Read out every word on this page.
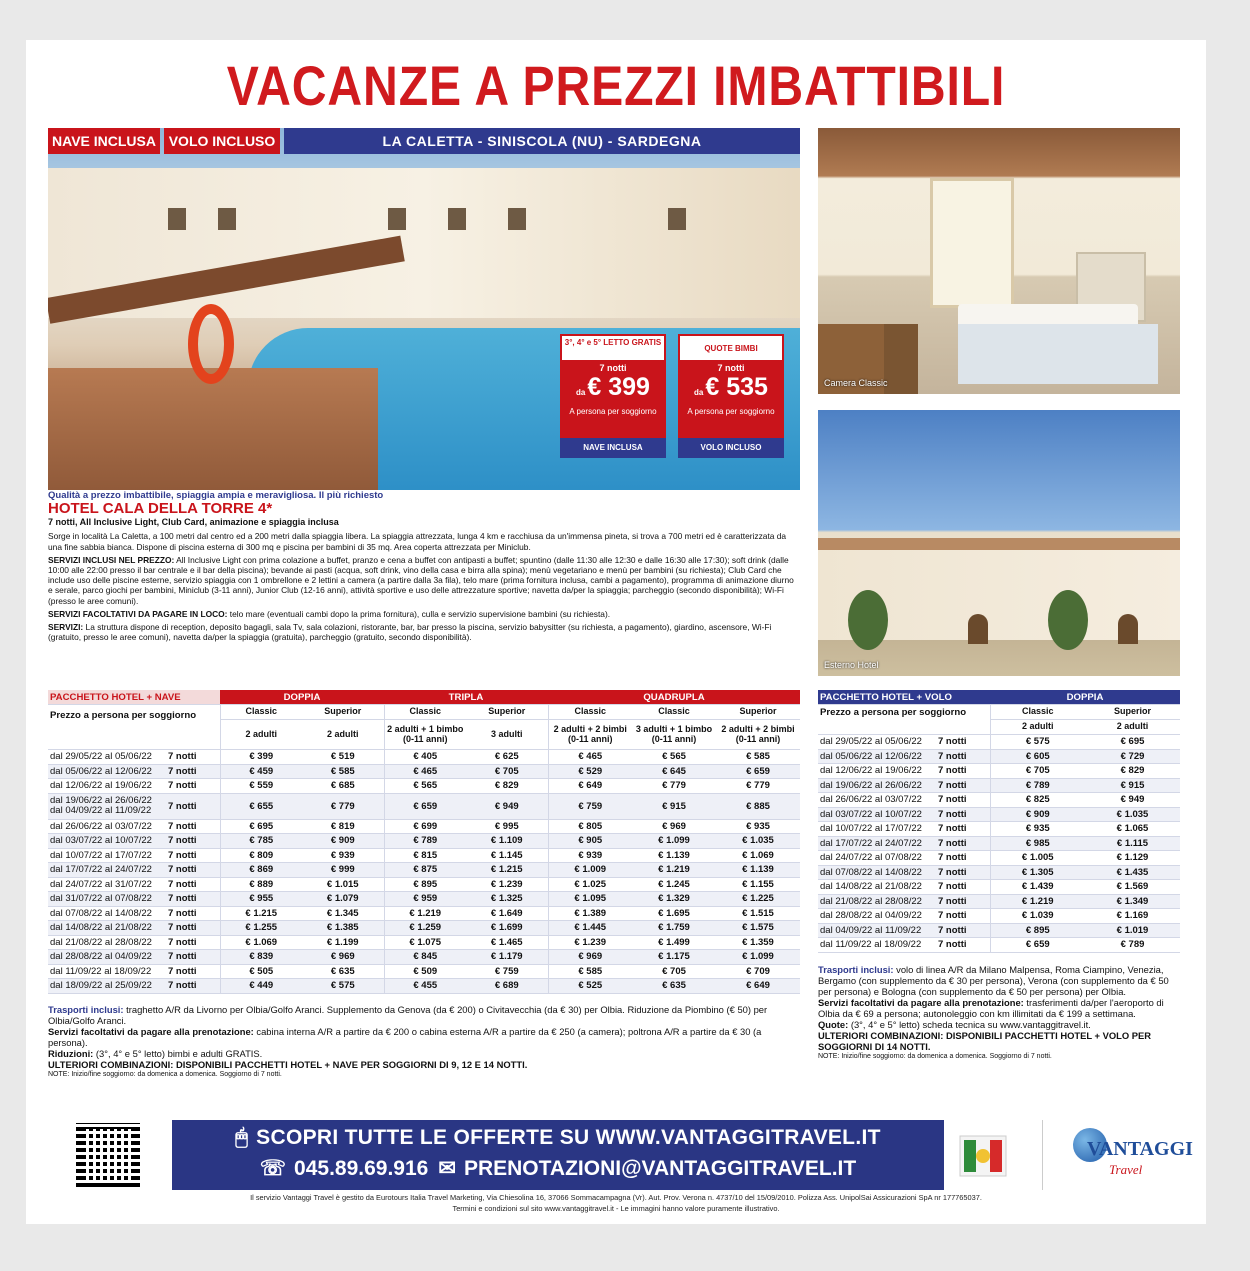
VACANZE A PREZZI IMBATTIBILI
NAVE INCLUSA VOLO INCLUSO	LA CALETTA - SINISCOLA (NU) - SARDEGNA
3°, 4° e 5° LETTO GRATIS
7 notti
da€ 399
A persona per soggiorno
NAVE INCLUSA
QUOTE BIMBI
7 notti
da€ 535
A persona per soggiorno
VOLO INCLUSO
Qualità a prezzo imbattibile, spiaggia ampia e meravigliosa. Il più richiesto
HOTEL CALA DELLA TORRE 4*
7 notti, All Inclusive Light, Club Card, animazione e spiaggia inclusa

Sorge in località La Caletta, a 100 metri dal centro ed a 200 metri dalla spiaggia libera. La spiaggia attrezzata, lunga 4 km e racchiusa da un'immensa pineta, si trova a 700 metri ed è caratterizzata da una fine sabbia bianca. Dispone di piscina esterna di 300 mq e piscina per bambini di 35 mq. Area coperta attrezzata per Miniclub.

SERVIZI INCLUSI NEL PREZZO: All Inclusive Light con prima colazione a buffet, pranzo e cena a buffet con antipasti a buffet; spuntino (dalle 11:30 alle 12:30 e dalle 16:30 alle 17:30); soft drink (dalle 10:00 alle 22:00 presso il bar centrale e il bar della piscina); bevande ai pasti (acqua, soft drink, vino della casa e birra alla spina); menù vegetariano e menù per bambini (su richiesta); Club Card che include uso delle piscine esterne, servizio spiaggia con 1 ombrellone e 2 lettini a camera (a partire dalla 3a fila), telo mare (prima fornitura inclusa, cambi a pagamento), programma di animazione diurno e serale, parco giochi per bambini, Miniclub (3-11 anni), Junior Club (12-16 anni), attività sportive e uso delle attrezzature sportive; navetta da/per la spiaggia; parcheggio (secondo disponibilità); Wi-Fi (presso le aree comuni).

SERVIZI FACOLTATIVI DA PAGARE IN LOCO: telo mare (eventuali cambi dopo la prima fornitura), culla e servizio supervisione bambini (su richiesta).

SERVIZI: La struttura dispone di reception, deposito bagagli, sala Tv, sala colazioni, ristorante, bar, bar presso la piscina, servizio babysitter (su richiesta, a pagamento), giardino, ascensore, Wi-Fi (gratuito, presso le aree comuni), navetta da/per la spiaggia (gratuita), parcheggio (gratuito, secondo disponibilità).

Camera Classic
Esterno Hotel
PACCHETTO HOTEL + NAVE		DOPPIA		TRIPLA		QUADRUPLA		
Prezzo a persona per soggiorno		Classic	Superior	Classic	Superior	Classic	Classic	Superior
		2 adulti	2 adulti	2 adulti + 1 bimbo (0-11 anni)	3 adulti	2 adulti + 2 bimbi (0-11 anni)	3 adulti + 1 bimbo (0-11 anni)	2 adulti + 2 bimbi (0-11 anni)
dal 29/05/22 al 05/06/22	7 notti	€ 399	€ 519	€ 405	€ 625	€ 465	€ 565	€ 585
dal 05/06/22 al 12/06/22	7 notti	€ 459	€ 585	€ 465	€ 705	€ 529	€ 645	€ 659
dal 12/06/22 al 19/06/22	7 notti	€ 559	€ 685	€ 565	€ 829	€ 649	€ 779	€ 779

dal 19/06/22 al 26/06/22
dal 04/09/22 al 11/09/22	7 notti	€ 655	€ 779	€ 659	€ 949	€ 759	€ 915	€ 885
dal 26/06/22 al 03/07/22	7 notti	€ 695	€ 819	€ 699	€ 995	€ 805	€ 969	€ 935
dal 03/07/22 al 10/07/22	7 notti	€ 785	€ 909	€ 789	€ 1.109	€ 905	€ 1.099	€ 1.035
dal 10/07/22 al 17/07/22	7 notti	€ 809	€ 939	€ 815	€ 1.145	€ 939	€ 1.139	€ 1.069
dal 17/07/22 al 24/07/22	7 notti	€ 869	€ 999	€ 875	€ 1.215	€ 1.009	€ 1.219	€ 1.139
dal 24/07/22 al 31/07/22	7 notti	€ 889	€ 1.015	€ 895	€ 1.239	€ 1.025	€ 1.245	€ 1.155
dal 31/07/22 al 07/08/22	7 notti	€ 955	€ 1.079	€ 959	€ 1.325	€ 1.095	€ 1.329	€ 1.225
dal 07/08/22 al 14/08/22	7 notti	€ 1.215	€ 1.345	€ 1.219	€ 1.649	€ 1.389	€ 1.695	€ 1.515
dal 14/08/22 al 21/08/22	7 notti	€ 1.255	€ 1.385	€ 1.259	€ 1.699	€ 1.445	€ 1.759	€ 1.575
dal 21/08/22 al 28/08/22	7 notti	€ 1.069	€ 1.199	€ 1.075	€ 1.465	€ 1.239	€ 1.499	€ 1.359
dal 28/08/22 al 04/09/22	7 notti	€ 839	€ 969	€ 845	€ 1.179	€ 969	€ 1.175	€ 1.099
dal 11/09/22 al 18/09/22	7 notti	€ 505	€ 635	€ 509	€ 759	€ 585	€ 705	€ 709
dal 18/09/22 al 25/09/22	7 notti	€ 449	€ 575	€ 455	€ 689	€ 525	€ 635	€ 649
PACCHETTO HOTEL + VOLO		DOPPIA	
Prezzo a persona per soggiorno		Classic	Superior
		2 adulti	2 adulti
dal 29/05/22 al 05/06/22	7 notti	€ 575	€ 695
dal 05/06/22 al 12/06/22	7 notti	€ 605	€ 729
dal 12/06/22 al 19/06/22	7 notti	€ 705	€ 829
dal 19/06/22 al 26/06/22	7 notti	€ 789	€ 915
dal 26/06/22 al 03/07/22	7 notti	€ 825	€ 949
dal 03/07/22 al 10/07/22	7 notti	€ 909	€ 1.035
dal 10/07/22 al 17/07/22	7 notti	€ 935	€ 1.065
dal 17/07/22 al 24/07/22	7 notti	€ 985	€ 1.115
dal 24/07/22 al 07/08/22	7 notti	€ 1.005	€ 1.129
dal 07/08/22 al 14/08/22	7 notti	€ 1.305	€ 1.435
dal 14/08/22 al 21/08/22	7 notti	€ 1.439	€ 1.569
dal 21/08/22 al 28/08/22	7 notti	€ 1.219	€ 1.349
dal 28/08/22 al 04/09/22	7 notti	€ 1.039	€ 1.169
dal 04/09/22 al 11/09/22	7 notti	€ 895	€ 1.019
dal 11/09/22 al 18/09/22	7 notti	€ 659	€ 789
Trasporti inclusi: traghetto A/R da Livorno per Olbia/Golfo Aranci. Supplemento da Genova (da € 200) o Civitavecchia (da € 30) per Olbia. Riduzione da Piombino (€ 50) per Olbia/Golfo Aranci.
Servizi facoltativi da pagare alla prenotazione: cabina interna A/R a partire da € 200 o cabina esterna A/R a partire da € 250 (a camera); poltrona A/R a partire da € 30 (a persona).
Riduzioni: (3°, 4° e 5° letto) bimbi e adulti GRATIS.
ULTERIORI COMBINAZIONI: DISPONIBILI PACCHETTI HOTEL + NAVE PER SOGGIORNI DI 9, 12 E 14 NOTTI.
NOTE: Inizio/fine soggiorno: da domenica a domenica. Soggiorno di 7 notti.
Trasporti inclusi: volo di linea A/R da Milano Malpensa, Roma Ciampino, Venezia, Bergamo (con supplemento da € 30 per persona), Verona (con supplemento da € 50 per persona) e Bologna (con supplemento da € 50 per persona) per Olbia.
Servizi facoltativi da pagare alla prenotazione: trasferimenti da/per l'aeroporto di Olbia da € 69 a persona; autonoleggio con km illimitati da € 199 a settimana.
Quote: (3°, 4° e 5° letto) scheda tecnica su www.vantaggitravel.it.
ULTERIORI COMBINAZIONI: DISPONIBILI PACCHETTI HOTEL + VOLO PER SOGGIORNI DI 14 NOTTI.
NOTE: Inizio/fine soggiorno: da domenica a domenica. Soggiorno di 7 notti.
🖱 SCOPRI TUTTE LE OFFERTE SU WWW.VANTAGGITRAVEL.IT
☏ 045.89.69.916 ✉ PRENOTAZIONI@VANTAGGITRAVEL.IT
VANTAGGI
Travel
Il servizio Vantaggi Travel è gestito da Eurotours Italia Travel Marketing, Via Chiesolina 16, 37066 Sommacampagna (Vr). Aut. Prov. Verona n. 4737/10 del 15/09/2010. Polizza Ass. UnipolSai Assicurazioni SpA nr 177765037.
Termini e condizioni sul sito www.vantaggitravel.it - Le immagini hanno valore puramente illustrativo.
